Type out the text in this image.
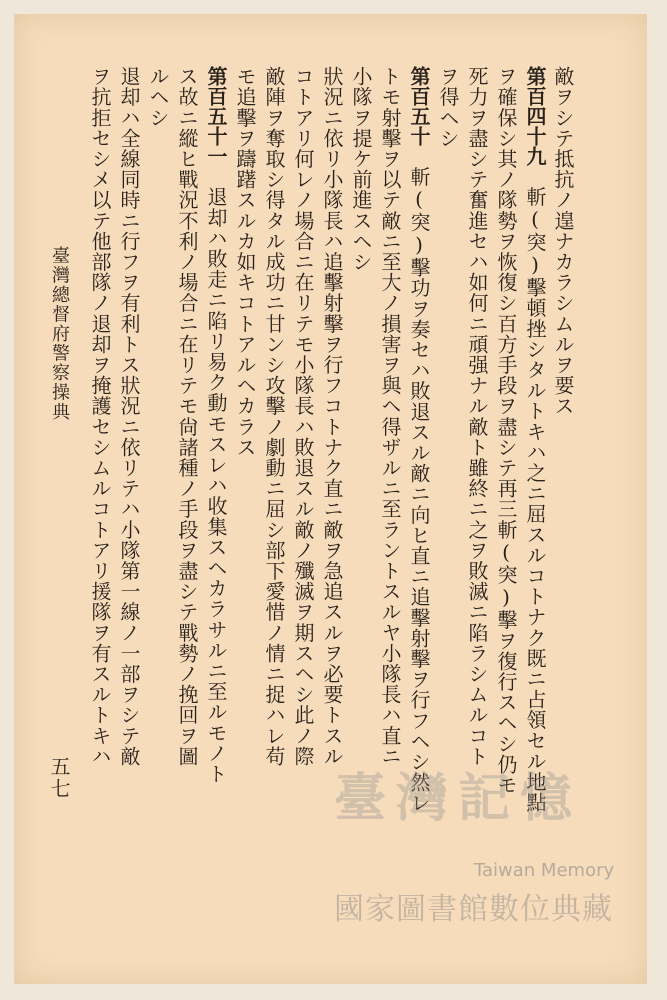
敵ヲシテ抵抗ノ遑ナカラシムルヲ要ス
第百四十九　斬(突)擊頓挫シタルトキハ之ニ屈スルコトナク既ニ占領セル地點
ヲ確保シ其ノ隊勢ヲ恢復シ百方手段ヲ盡シテ再三斬(突)擊ヲ復行スヘシ仍モ
死力ヲ盡シテ奮進セハ如何ニ頑强ナル敵ト雖終ニ之ヲ敗滅ニ陷ラシムルコト
ヲ得ヘシ
第百五十　斬(突)擊功ヲ奏セハ敗退スル敵ニ向ヒ直ニ追擊射擊ヲ行フヘシ然レ
トモ射擊ヲ以テ敵ニ至大ノ損害ヲ與ヘ得ザルニ至ラントスルヤ小隊長ハ直ニ
小隊ヲ提ケ前進スヘシ
狀況ニ依リ小隊長ハ追擊射擊ヲ行フコトナク直ニ敵ヲ急追スルヲ必要トスル
コトアリ何レノ場合ニ在リテモ小隊長ハ敗退スル敵ノ殲滅ヲ期スヘシ此ノ際
敵陣ヲ奪取シ得タル成功ニ甘ンシ攻擊ノ劇動ニ屈シ部下愛惜ノ情ニ捉ハレ苟
モ追擊ヲ躊躇スルカ如キコトアルヘカラス
第百五十一　退却ハ敗走ニ陷リ易ク動モスレハ收集スヘカラサルニ至ルモノト
ス故ニ縱ヒ戰況不利ノ場合ニ在リテモ尙諸種ノ手段ヲ盡シテ戰勢ノ挽回ヲ圖
ルヘシ
退却ハ全線同時ニ行フヲ有利トス狀況ニ依リテハ小隊第一線ノ一部ヲシテ敵
ヲ抗拒セシメ以テ他部隊ノ退却ヲ掩護セシムルコトアリ援隊ヲ有スルトキハ
臺灣總督府警察操典
五七	臺灣記憶
Taiwan Memory
國家圖書館數位典藏
